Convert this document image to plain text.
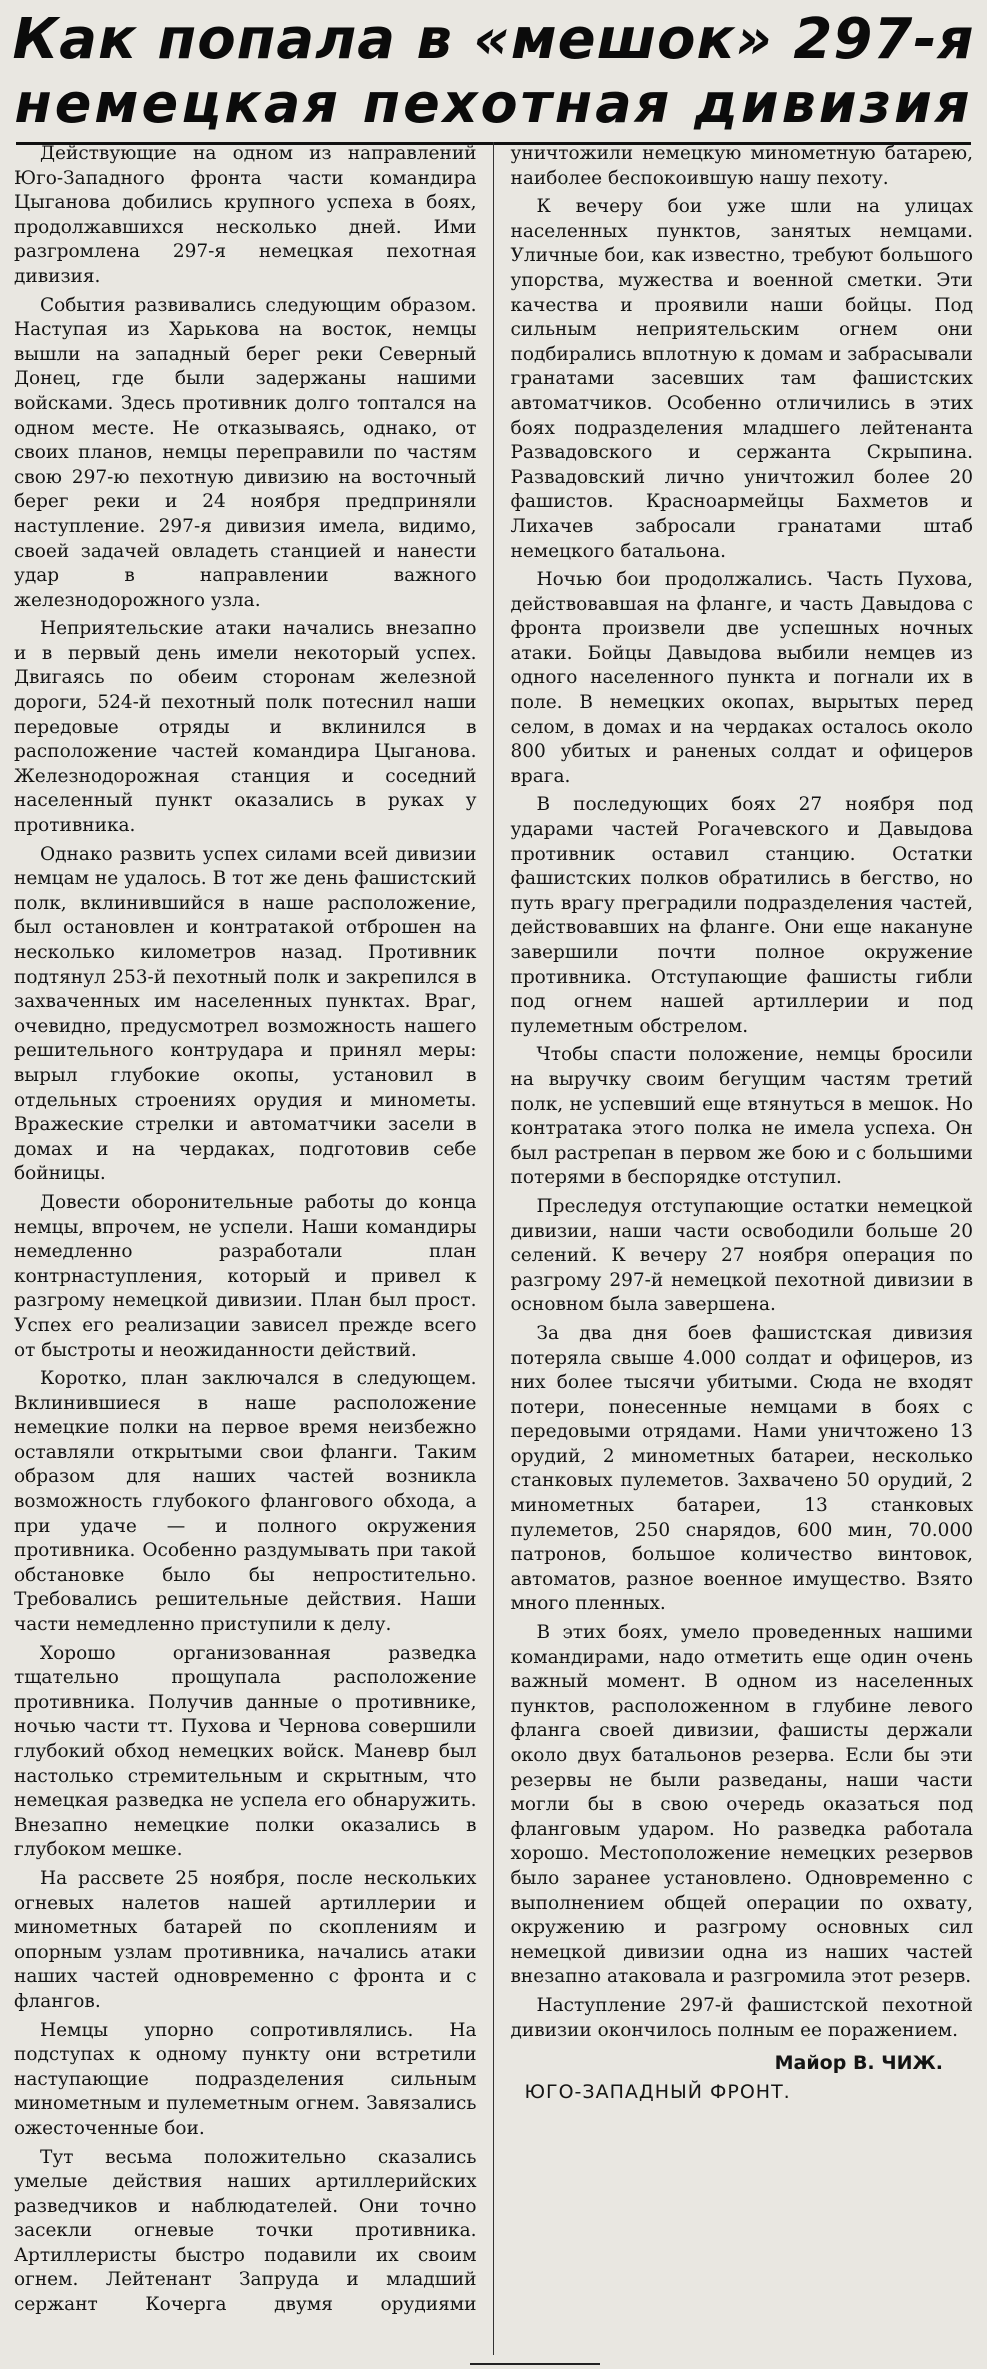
Как попала в «мешок» 297-я
немецкая пехотная дивизия

Действующие на одном из направлений Юго-Западного фронта части командира Цыганова добились крупного успеха в боях, продолжавшихся несколько дней. Ими разгромлена 297-я немецкая пехотная дивизия.

События развивались следующим образом. Наступая из Харькова на восток, немцы вышли на западный берег реки Северный Донец, где были задержаны нашими войсками. Здесь противник долго топтался на одном месте. Не отказываясь, однако, от своих планов, немцы переправили по частям свою 297-ю пехотную дивизию на восточный берег реки и 24 ноября предприняли наступление. 297-я дивизия имела, видимо, своей задачей овладеть станцией и нанести удар в направлении важного железнодорожного узла.

Неприятельские атаки начались внезапно и в первый день имели некоторый успех. Двигаясь по обеим сторонам железной дороги, 524-й пехотный полк потеснил наши передовые отряды и вклинился в расположение частей командира Цыганова. Железнодорожная станция и соседний населенный пункт оказались в руках у противника.

Однако развить успех силами всей дивизии немцам не удалось. В тот же день фашистский полк, вклинившийся в наше расположение, был остановлен и контратакой отброшен на несколько километров назад. Противник подтянул 253-й пехотный полк и закрепился в захваченных им населенных пунктах. Враг, очевидно, предусмотрел возможность нашего решительного контрудара и принял меры: вырыл глубокие окопы, установил в отдельных строениях орудия и минометы. Вражеские стрелки и автоматчики засели в домах и на чердаках, подготовив себе бойницы.

Довести оборонительные работы до конца немцы, впрочем, не успели. Наши командиры немедленно разработали план контрнаступления, который и привел к разгрому немецкой дивизии. План был прост. Успех его реализации зависел прежде всего от быстроты и неожиданности действий.

Коротко, план заключался в следующем. Вклинившиеся в наше расположение немецкие полки на первое время неизбежно оставляли открытыми свои фланги. Таким образом для наших частей возникла возможность глубокого флангового обхода, а при удаче — и полного окружения противника. Особенно раздумывать при такой обстановке было бы непростительно. Требовались решительные действия. Наши части немедленно приступили к делу.

Хорошо организованная разведка тщательно прощупала расположение противника. Получив данные о противнике, ночью части тт. Пухова и Чернова совершили глубокий обход немецких войск. Маневр был настолько стремительным и скрытным, что немецкая разведка не успела его обнаружить. Внезапно немецкие полки оказались в глубоком мешке.

На рассвете 25 ноября, после нескольких огневых налетов нашей артиллерии и минометных батарей по скоплениям и опорным узлам противника, начались атаки наших частей одновременно с фронта и с флангов.

Немцы упорно сопротивлялись. На подступах к одному пункту они встретили наступающие подразделения сильным минометным и пулеметным огнем. Завязались ожесточенные бои.

Тут весьма положительно сказались умелые действия наших артиллерийских разведчиков и наблюдателей. Они точно засекли огневые точки противника. Артиллеристы быстро подавили их своим огнем. Лейтенант Запруда и младший сержант Кочерга двумя орудиями уничтожили немецкую минометную батарею, наиболее беспокоившую нашу пехоту.

К вечеру бои уже шли на улицах населенных пунктов, занятых немцами. Уличные бои, как известно, требуют большого упорства, мужества и военной сметки. Эти качества и проявили наши бойцы. Под сильным неприятельским огнем они подбирались вплотную к домам и забрасывали гранатами засевших там фашистских автоматчиков. Особенно отличились в этих боях подразделения младшего лейтенанта Развадовского и сержанта Скрыпина. Развадовский лично уничтожил более 20 фашистов. Красноармейцы Бахметов и Лихачев забросали гранатами штаб немецкого батальона.

Ночью бои продолжались. Часть Пухова, действовавшая на фланге, и часть Давыдова с фронта произвели две успешных ночных атаки. Бойцы Давыдова выбили немцев из одного населенного пункта и погнали их в поле. В немецких окопах, вырытых перед селом, в домах и на чердаках осталось около 800 убитых и раненых солдат и офицеров врага.

В последующих боях 27 ноября под ударами частей Рогачевского и Давыдова противник оставил станцию. Остатки фашистских полков обратились в бегство, но путь врагу преградили подразделения частей, действовавших на фланге. Они еще накануне завершили почти полное окружение противника. Отступающие фашисты гибли под огнем нашей артиллерии и под пулеметным обстрелом.

Чтобы спасти положение, немцы бросили на выручку своим бегущим частям третий полк, не успевший еще втянуться в мешок. Но контратака этого полка не имела успеха. Он был растрепан в первом же бою и с большими потерями в беспорядке отступил.

Преследуя отступающие остатки немецкой дивизии, наши части освободили больше 20 селений. К вечеру 27 ноября операция по разгрому 297-й немецкой пехотной дивизии в основном была завершена.

За два дня боев фашистская дивизия потеряла свыше 4.000 солдат и офицеров, из них более тысячи убитыми. Сюда не входят потери, понесенные немцами в боях с передовыми отрядами. Нами уничтожено 13 орудий, 2 минометных батареи, несколько станковых пулеметов. Захвачено 50 орудий, 2 минометных батареи, 13 станковых пулеметов, 250 снарядов, 600 мин, 70.000 патронов, большое количество винтовок, автоматов, разное военное имущество. Взято много пленных.

В этих боях, умело проведенных нашими командирами, надо отметить еще один очень важный момент. В одном из населенных пунктов, расположенном в глубине левого фланга своей дивизии, фашисты держали около двух батальонов резерва. Если бы эти резервы не были разведаны, наши части могли бы в свою очередь оказаться под фланговым ударом. Но разведка работала хорошо. Местоположение немецких резервов было заранее установлено. Одновременно с выполнением общей операции по охвату, окружению и разгрому основных сил немецкой дивизии одна из наших частей внезапно атаковала и разгромила этот резерв.

Наступление 297-й фашистской пехотной дивизии окончилось полным ее поражением.

Майор В. ЧИЖ.
ЮГО-ЗАПАДНЫЙ ФРОНТ.
